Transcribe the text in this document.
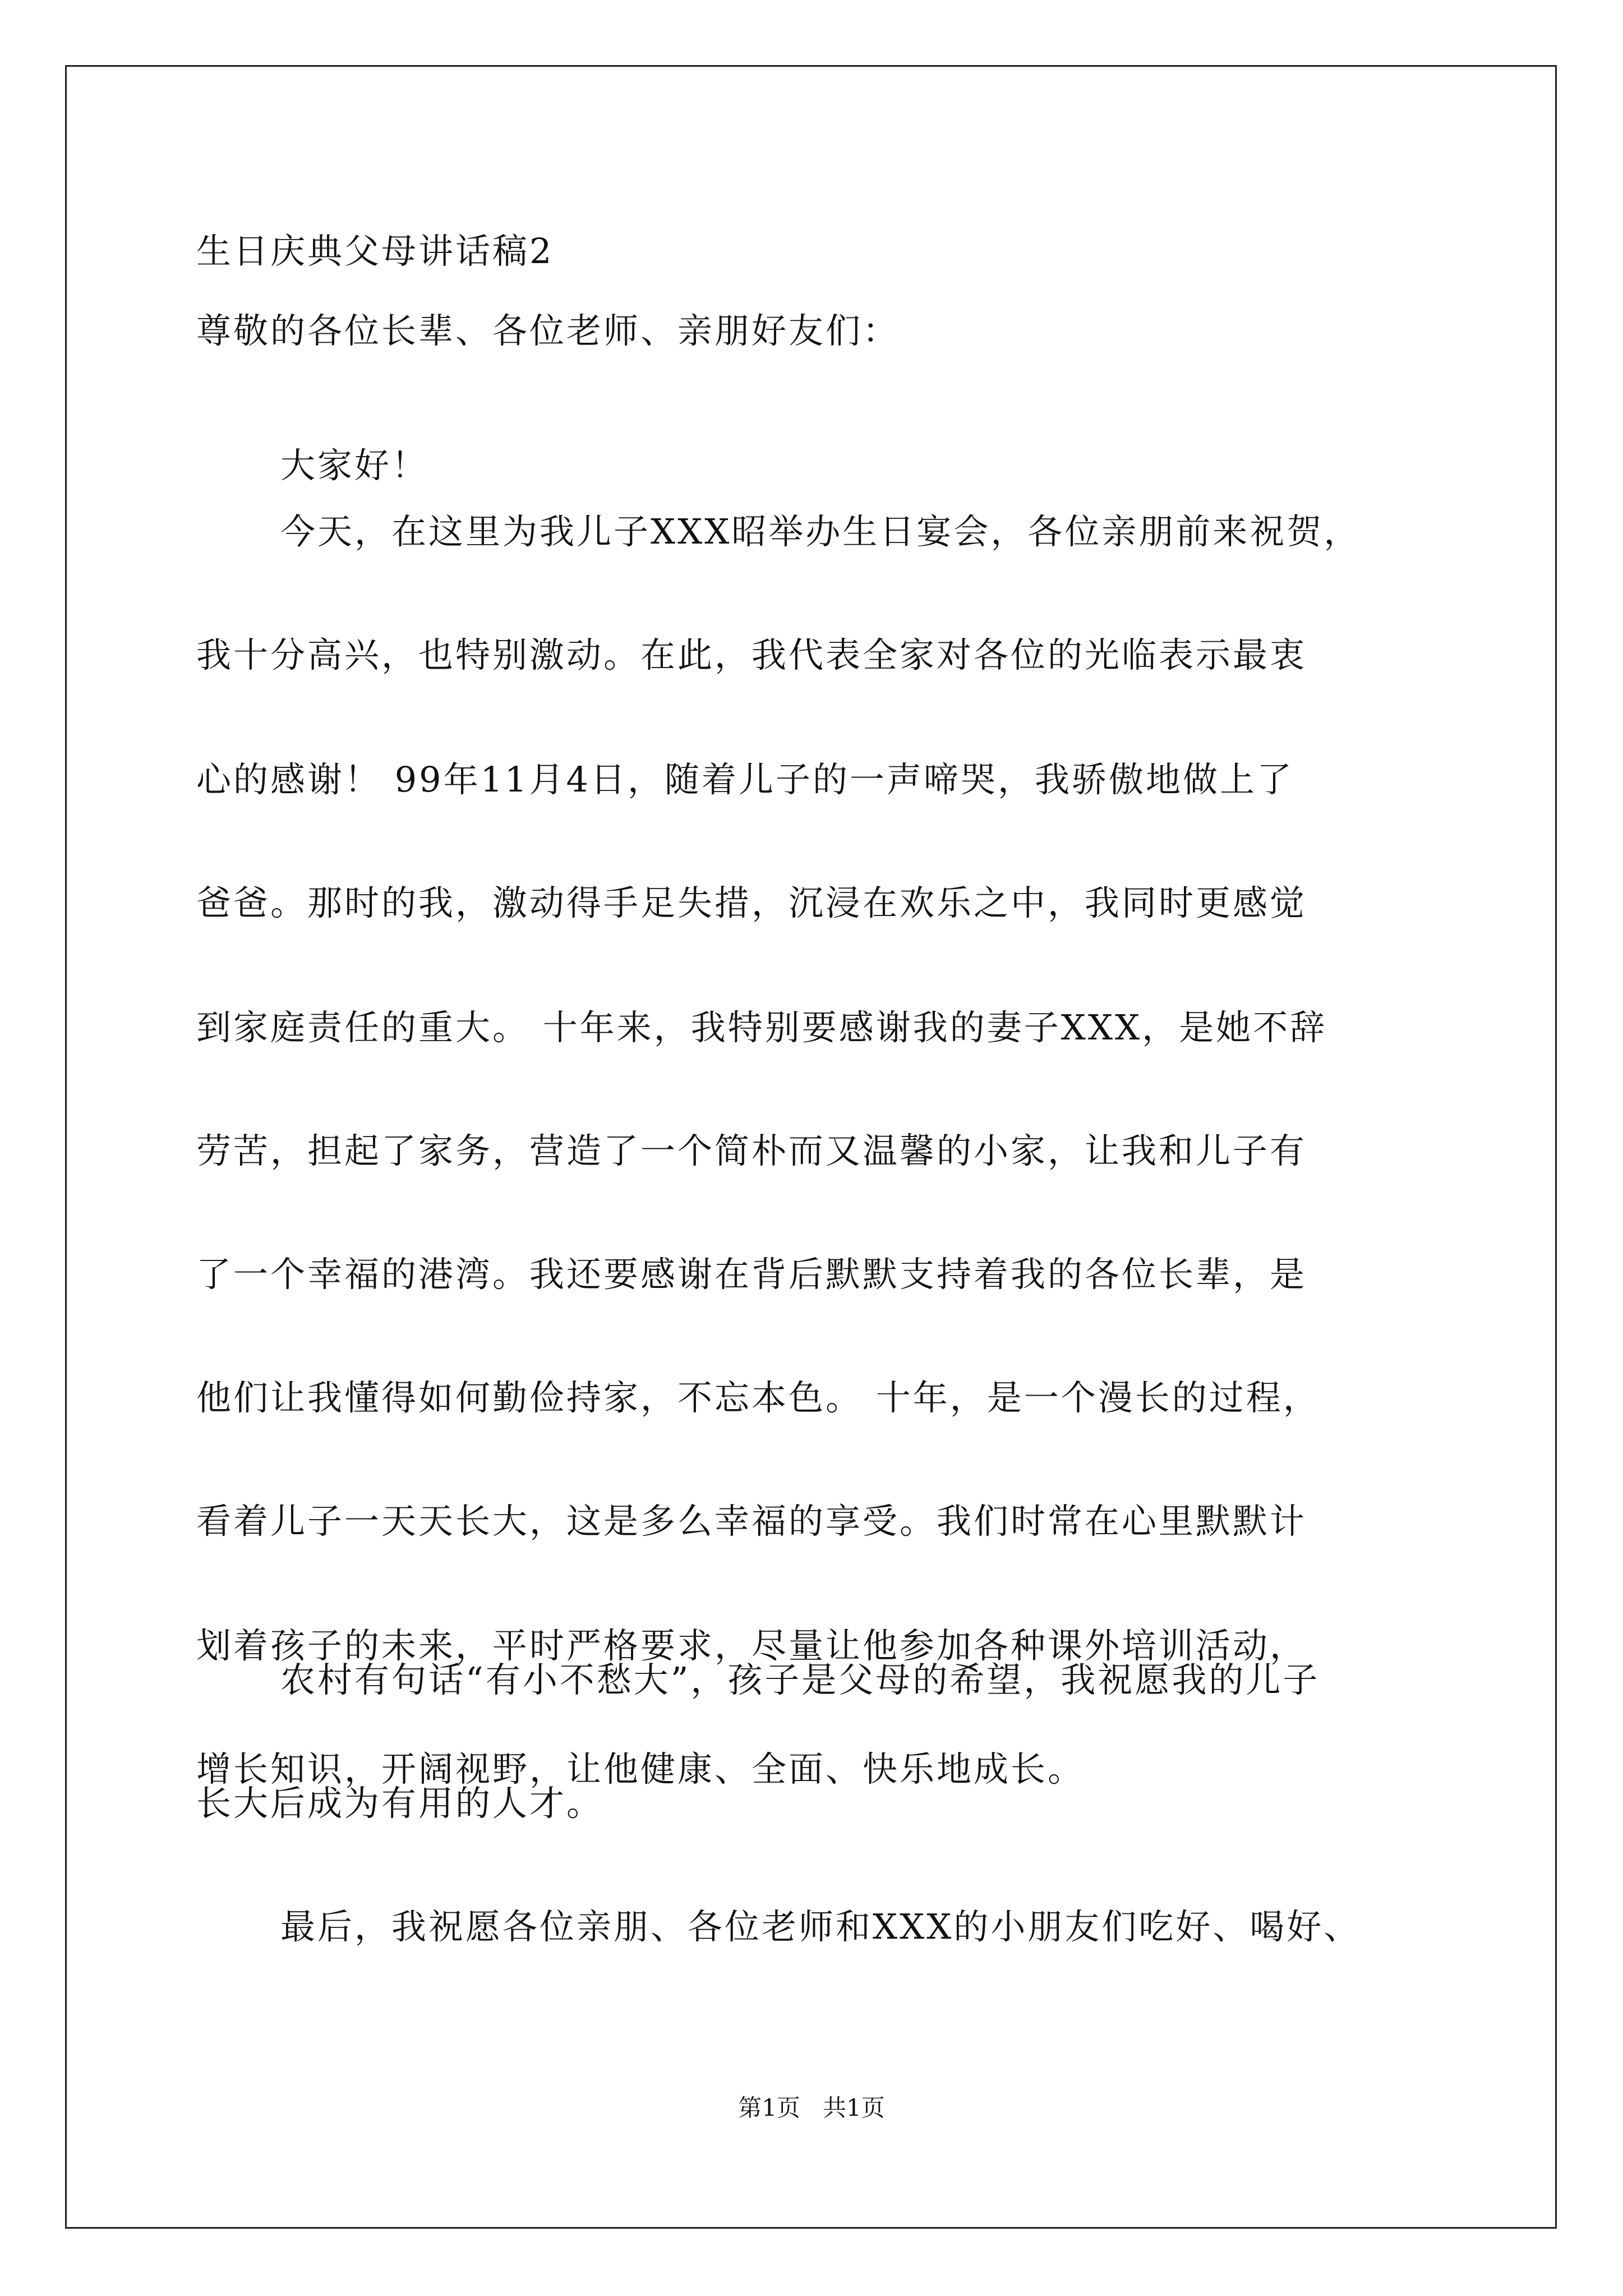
生日庆典父母讲话稿2
尊敬的各位长辈、各位老师、亲朋好友们：
大家好！
今天，在这里为我儿子XXX昭举办生日宴会，各位亲朋前来祝贺，
我十分高兴，也特别激动。在此，我代表全家对各位的光临表示最衷
心的感谢！ 99年11月4日，随着儿子的一声啼哭，我骄傲地做上了
爸爸。那时的我，激动得手足失措，沉浸在欢乐之中，我同时更感觉
到家庭责任的重大。 十年来，我特别要感谢我的妻子XXX，是她不辞
劳苦，担起了家务，营造了一个简朴而又温馨的小家，让我和儿子有
了一个幸福的港湾。我还要感谢在背后默默支持着我的各位长辈，是
他们让我懂得如何勤俭持家，不忘本色。 十年，是一个漫长的过程，
看着儿子一天天长大，这是多么幸福的享受。我们时常在心里默默计
划着孩子的未来，平时严格要求，尽量让他参加各种课外培训活动，
增长知识，开阔视野，让他健康、全面、快乐地成长。
农村有句话“有小不愁大”，孩子是父母的希望，我祝愿我的儿子
长大后成为有用的人才。
最后，我祝愿各位亲朋、各位老师和XXX的小朋友们吃好、喝好、
第1页   共1页
